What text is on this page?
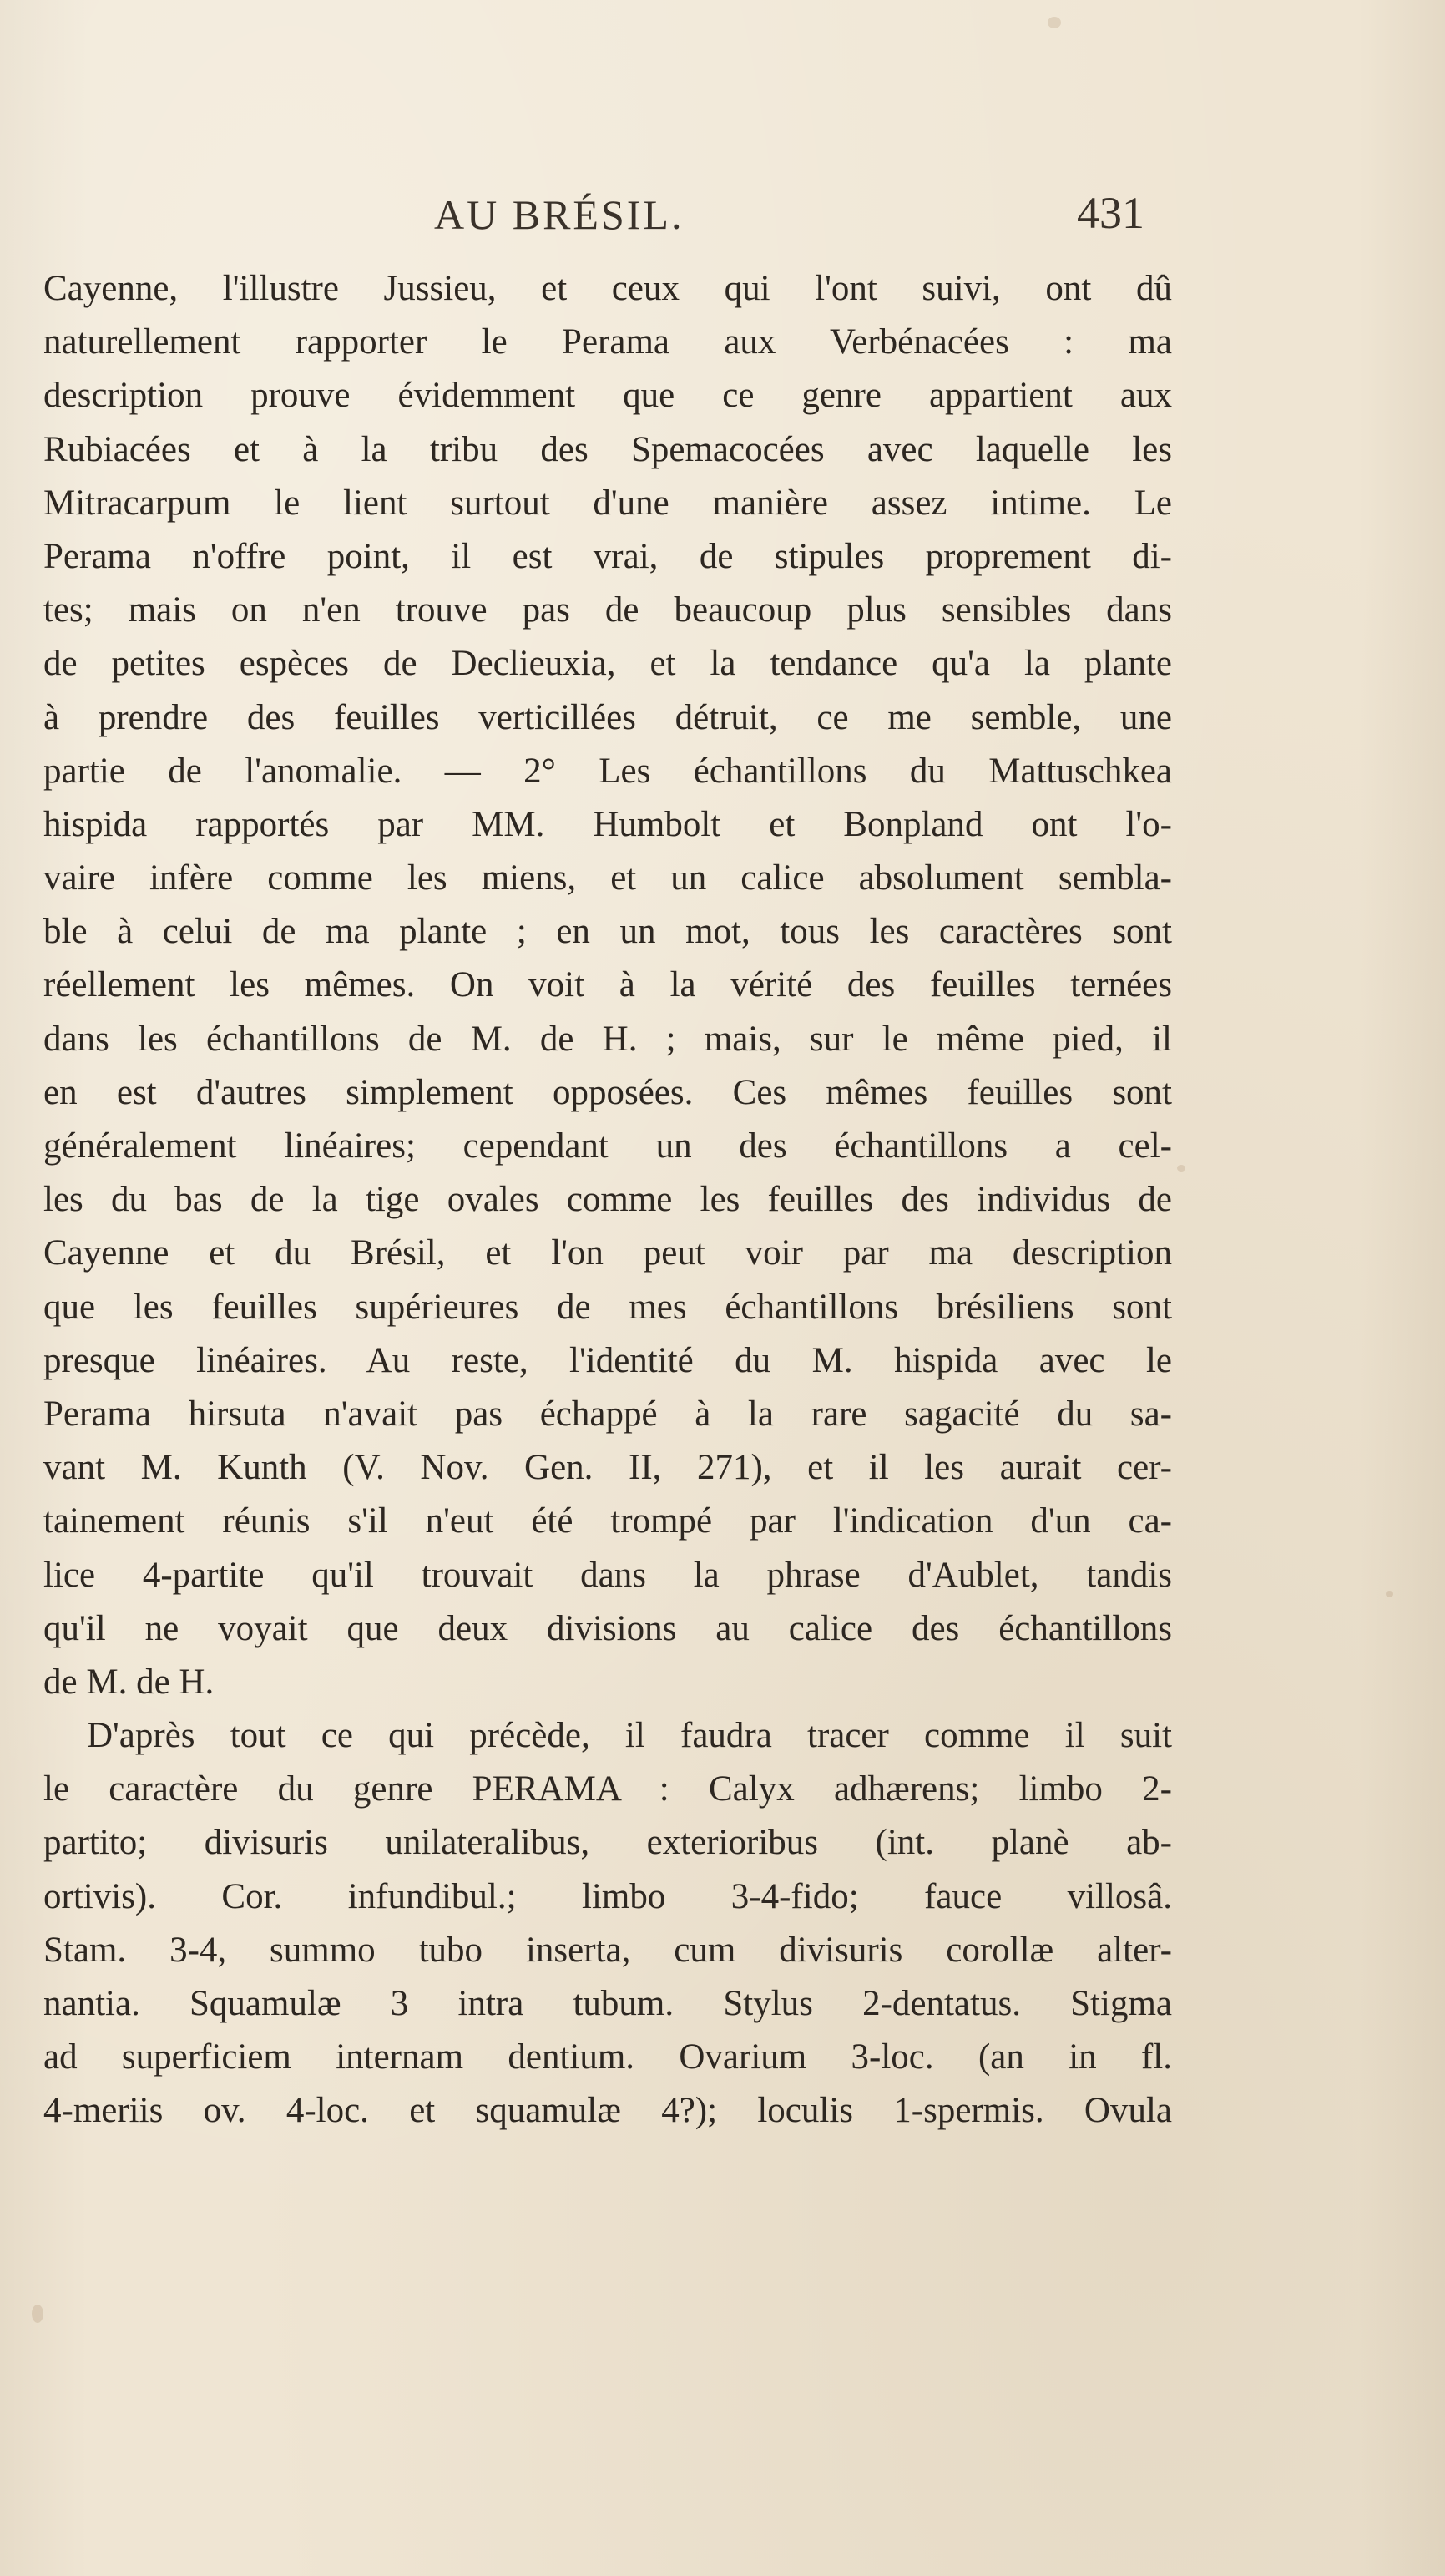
AU BRÉSIL.	431
Cayenne, l'illustre Jussieu, et ceux qui l'ont suivi, ont dû
naturellement rapporter le Perama aux Verbénacées : ma
description prouve évidemment que ce genre appartient aux
Rubiacées et à la tribu des Spemacocées avec laquelle les
Mitracarpum le lient surtout d'une manière assez intime. Le
Perama n'offre point, il est vrai, de stipules proprement di-
tes; mais on n'en trouve pas de beaucoup plus sensibles dans
de petites espèces de Declieuxia, et la tendance qu'a la plante
à prendre des feuilles verticillées détruit, ce me semble, une
partie de l'anomalie. — 2° Les échantillons du Mattuschkea
hispida rapportés par MM. Humbolt et Bonpland ont l'o-
vaire infère comme les miens, et un calice absolument sembla-
ble à celui de ma plante ; en un mot, tous les caractères sont
réellement les mêmes. On voit à la vérité des feuilles ternées
dans les échantillons de M. de H. ; mais, sur le même pied, il
en est d'autres simplement opposées. Ces mêmes feuilles sont
généralement linéaires; cependant un des échantillons a cel-
les du bas de la tige ovales comme les feuilles des individus de
Cayenne et du Brésil, et l'on peut voir par ma description
que les feuilles supérieures de mes échantillons brésiliens sont
presque linéaires. Au reste, l'identité du M. hispida avec le
Perama hirsuta n'avait pas échappé à la rare sagacité du sa-
vant M. Kunth (V. Nov. Gen. II, 271), et il les aurait cer-
tainement réunis s'il n'eut été trompé par l'indication d'un ca-
lice 4-partite qu'il trouvait dans la phrase d'Aublet, tandis
qu'il ne voyait que deux divisions au calice des échantillons
de M. de H.
D'après tout ce qui précède, il faudra tracer comme il suit
le caractère du genre PERAMA : Calyx adhærens; limbo 2-
partito; divisuris unilateralibus, exterioribus (int. planè ab-
ortivis). Cor. infundibul.; limbo 3-4-fido; fauce villosâ.
Stam. 3-4, summo tubo inserta, cum divisuris corollæ alter-
nantia. Squamulæ 3 intra tubum. Stylus 2-dentatus. Stigma
ad superficiem internam dentium. Ovarium 3-loc. (an in fl.
4-meriis ov. 4-loc. et squamulæ 4?); loculis 1-spermis. Ovula
